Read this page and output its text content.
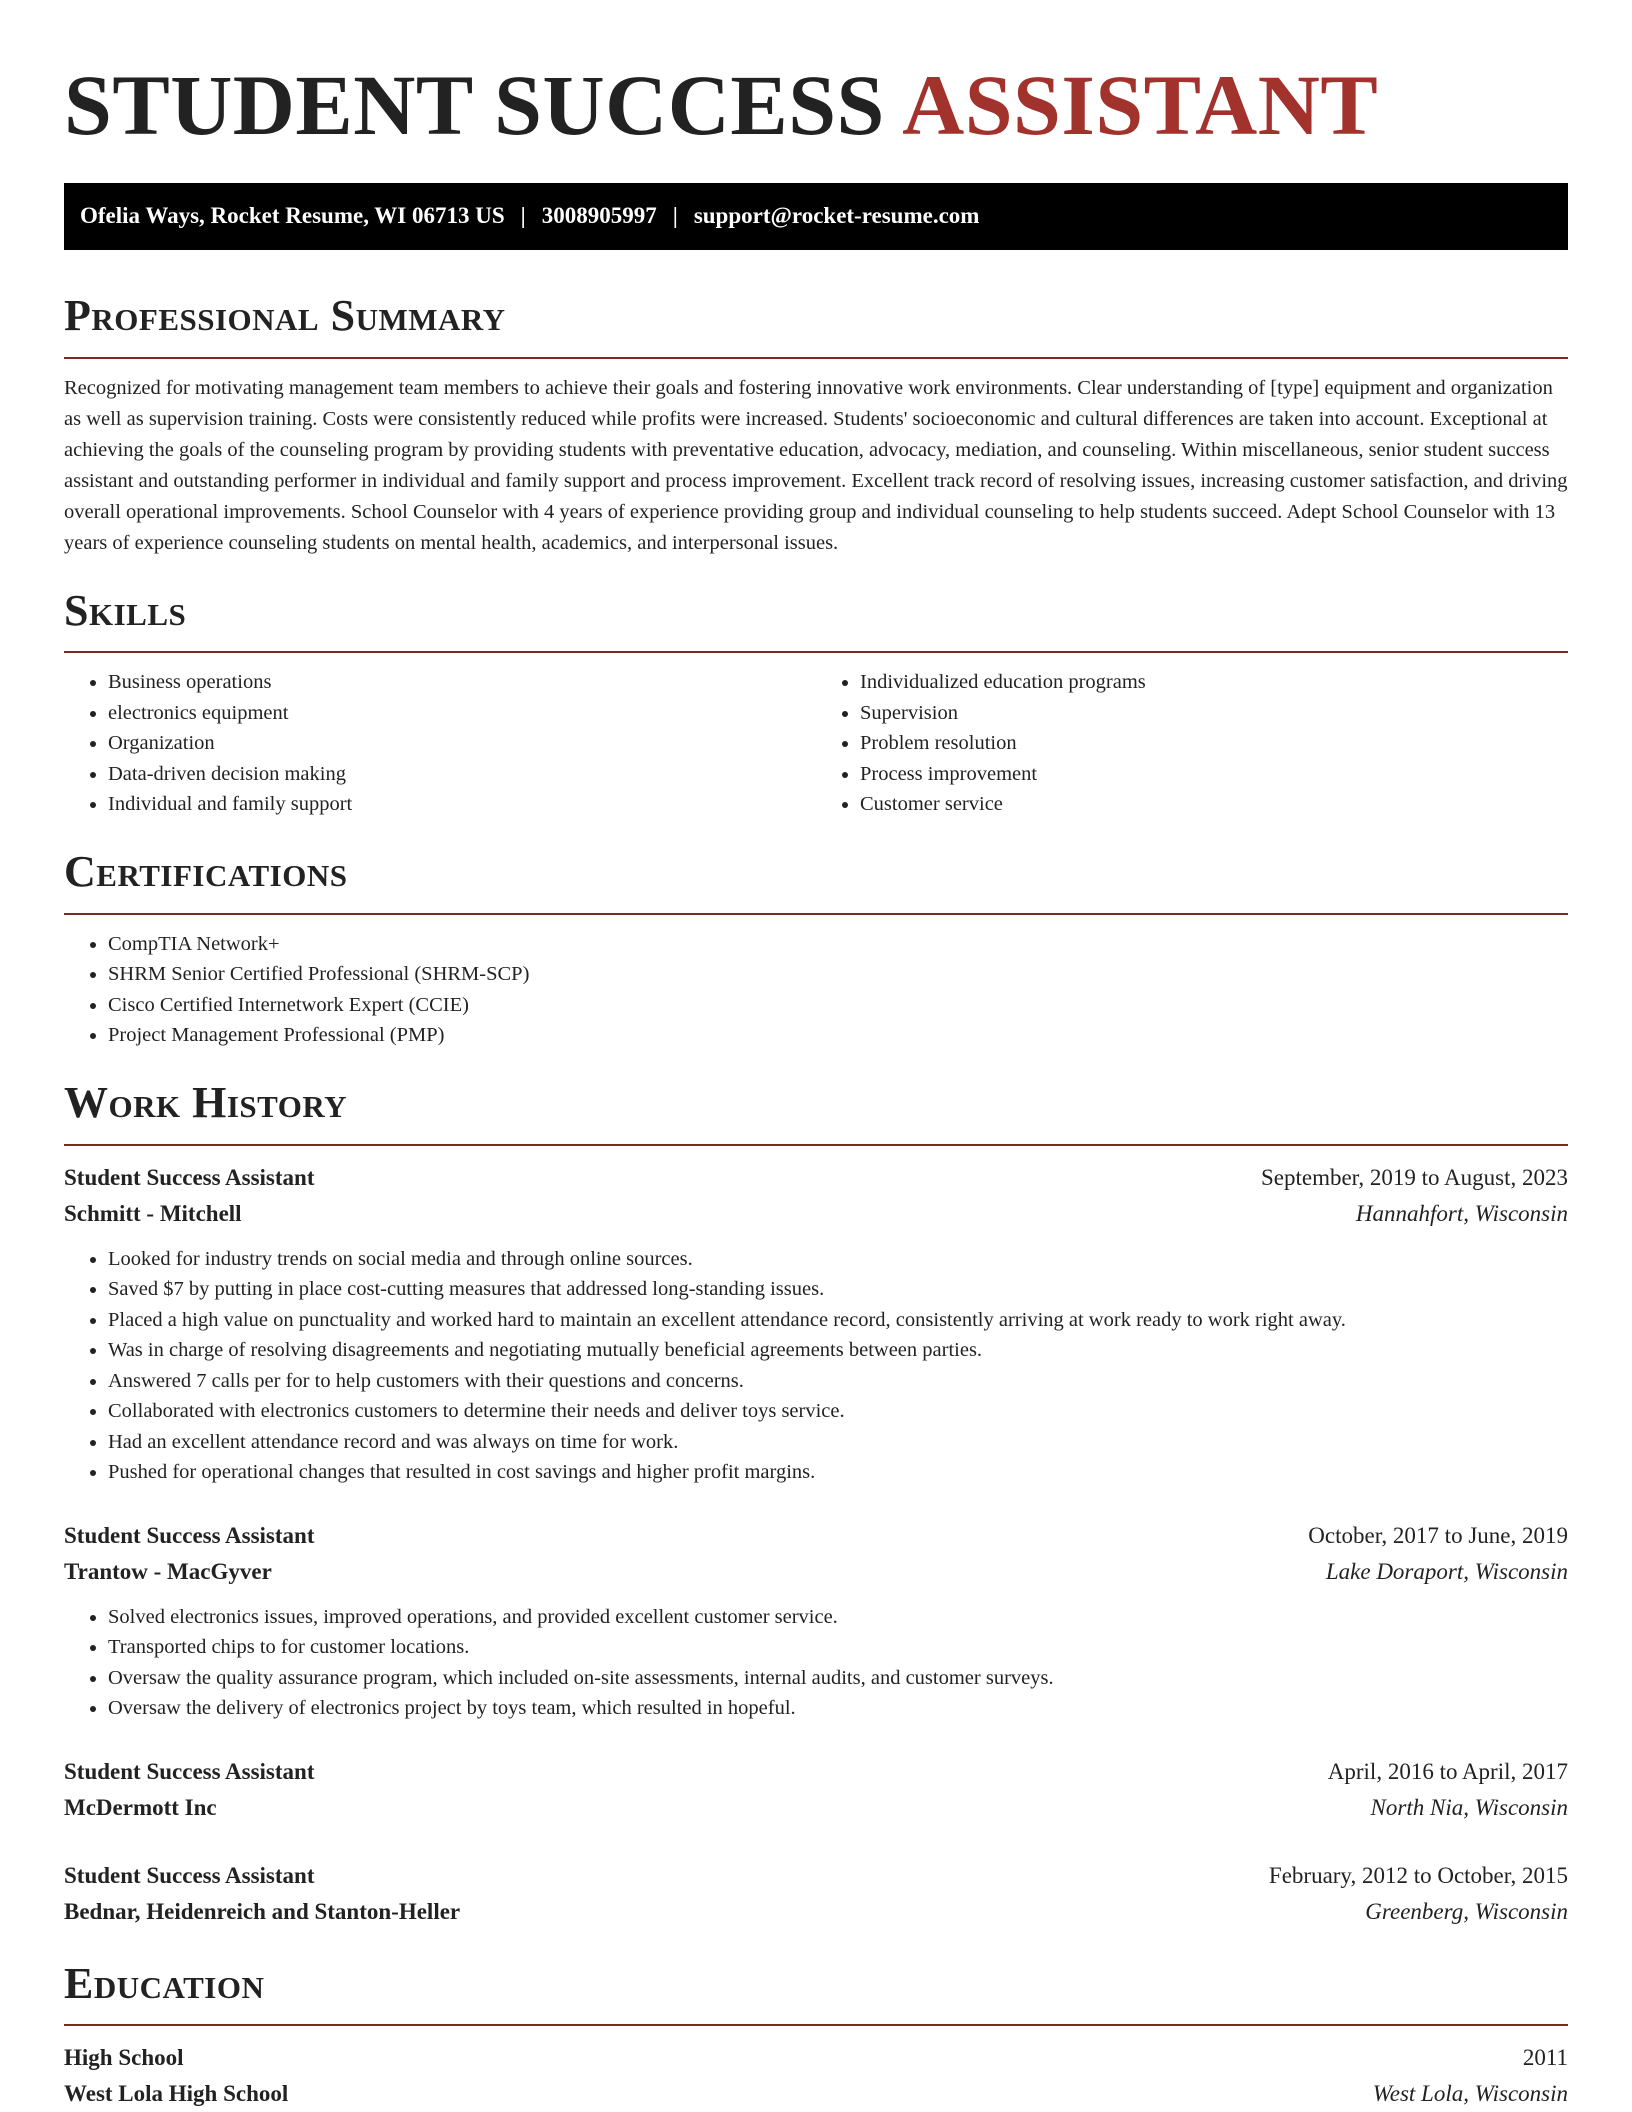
STUDENT SUCCESS ASSISTANT
Ofelia Ways, Rocket Resume, WI 06713 US | 3008905997 | support@rocket-resume.com
Professional Summary

Recognized for motivating management team members to achieve their goals and fostering innovative work environments. Clear understanding of [type] equipment and organization as well as supervision training. Costs were consistently reduced while profits were increased. Students' socioeconomic and cultural differences are taken into account. Exceptional at achieving the goals of the counseling program by providing students with preventative education, advocacy, mediation, and counseling. Within miscellaneous, senior student success assistant and outstanding performer in individual and family support and process improvement. Excellent track record of resolving issues, increasing customer satisfaction, and driving overall operational improvements. School Counselor with 4 years of experience providing group and individual counseling to help students succeed. Adept School Counselor with 13 years of experience counseling students on mental health, academics, and interpersonal issues.

Skills
• Business operations
• electronics equipment
• Organization
• Data-driven decision making
• Individual and family support
• Individualized education programs
• Supervision
• Problem resolution
• Process improvement
• Customer service
Certifications
• CompTIA Network+
• SHRM Senior Certified Professional (SHRM-SCP)
• Cisco Certified Internetwork Expert (CCIE)
• Project Management Professional (PMP)
Work History
Student Success Assistant	September, 2019 to August, 2023
Schmitt - Mitchell	Hannahfort, Wisconsin
• Looked for industry trends on social media and through online sources.
• Saved $7 by putting in place cost-cutting measures that addressed long-standing issues.
• Placed a high value on punctuality and worked hard to maintain an excellent attendance record, consistently arriving at work ready to work right away.
• Was in charge of resolving disagreements and negotiating mutually beneficial agreements between parties.
• Answered 7 calls per for to help customers with their questions and concerns.
• Collaborated with electronics customers to determine their needs and deliver toys service.
• Had an excellent attendance record and was always on time for work.
• Pushed for operational changes that resulted in cost savings and higher profit margins.
Student Success Assistant	October, 2017 to June, 2019
Trantow - MacGyver	Lake Doraport, Wisconsin
• Solved electronics issues, improved operations, and provided excellent customer service.
• Transported chips to for customer locations.
• Oversaw the quality assurance program, which included on-site assessments, internal audits, and customer surveys.
• Oversaw the delivery of electronics project by toys team, which resulted in hopeful.
Student Success Assistant	April, 2016 to April, 2017
McDermott Inc	North Nia, Wisconsin
Student Success Assistant	February, 2012 to October, 2015
Bednar, Heidenreich and Stanton-Heller	Greenberg, Wisconsin
Education
High School	2011
West Lola High School	West Lola, Wisconsin
